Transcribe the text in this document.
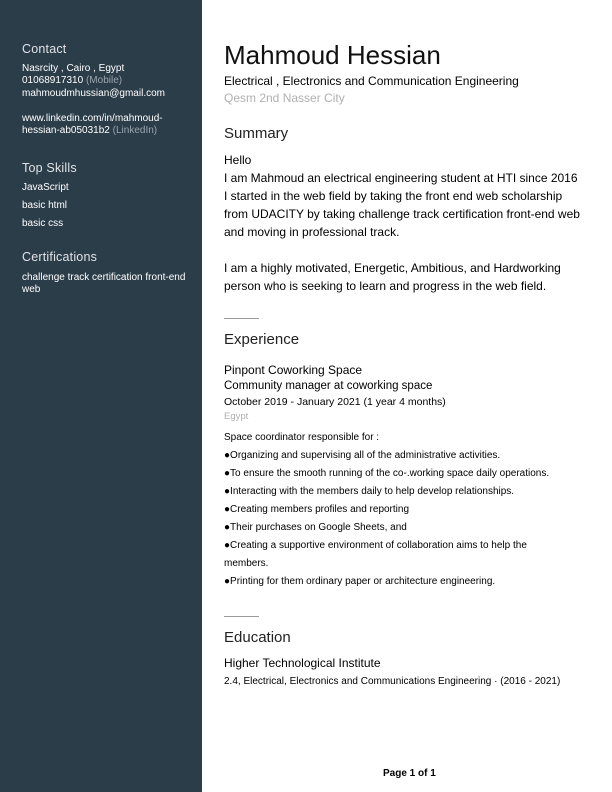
Contact
Nasrcity , Cairo , Egypt
01068917310 (Mobile)
mahmoudmhussian@gmail.com
www.linkedin.com/in/mahmoud-
hessian-ab05031b2 (LinkedIn)
Top Skills
JavaScript
basic html
basic css
Certifications
challenge track certification front-end web
Mahmoud Hessian
Electrical , Electronics and Communication Engineering
Qesm 2nd Nasser City
Summary
Hello
I am Mahmoud an electrical engineering student at HTI since 2016
I started in the web field by taking the front end web scholarship
from UDACITY by taking challenge track certification front-end web
and moving in professional track.
I am a highly motivated, Energetic, Ambitious, and Hardworking
person who is seeking to learn and progress in the web field.
Experience
Pinpont Coworking Space
Community manager at coworking space
October 2019 - January 2021 (1 year 4 months)
Egypt
Space coordinator responsible for :
●Organizing and supervising all of the administrative activities.
●To ensure the smooth running of the co-.working space daily operations.
●Interacting with the members daily to help develop relationships.
●Creating members profiles and reporting
●Their purchases on Google Sheets, and
●Creating a supportive environment of collaboration aims to help the
members.
●Printing for them ordinary paper or architecture engineering.
Education
Higher Technological Institute
2.4, Electrical, Electronics and Communications Engineering · (2016 - 2021)
Page 1 of 1
